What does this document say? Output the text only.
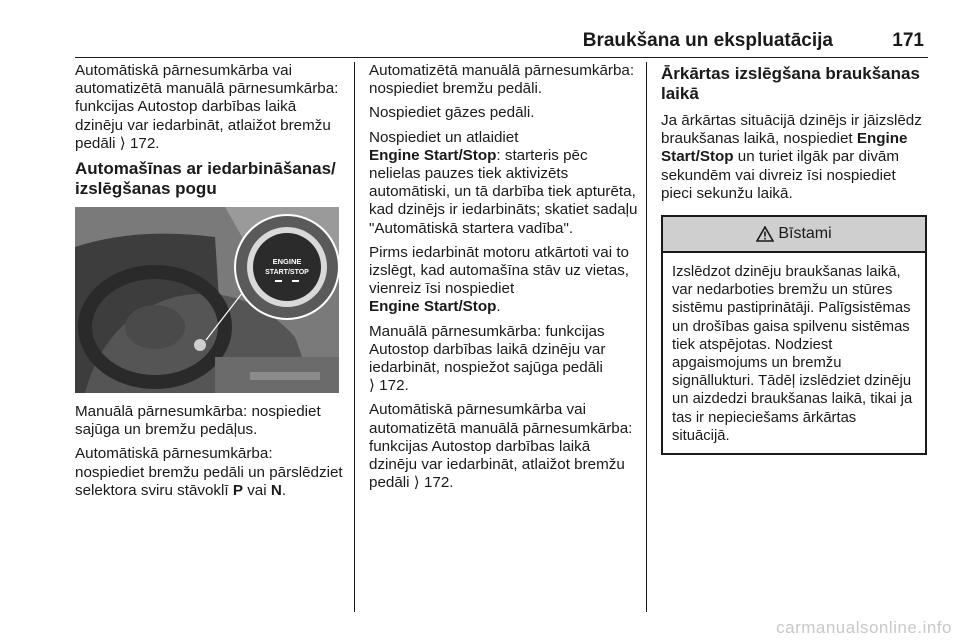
Braukšana un ekspluatācija	171

Automātiskā pārnesumkārba vai automatizētā manuālā pārnesumkārba: funkcijas Autostop darbības laikā dzinēju var iedarbināt, atlaižot bremžu pedāli ⟩ 172.

Automašīnas ar iedarbināšanas/ izslēgšanas pogu
ENGINE
START/STOP

Manuālā pārnesumkārba: nospiediet sajūga un bremžu pedāļus.

Automātiskā pārnesumkārba: nospiediet bremžu pedāli un pārslēdziet selektora sviru stāvoklī P vai N.

Automatizētā manuālā pārnesumkārba: nospiediet bremžu pedāli.

Nospiediet gāzes pedāli.

Nospiediet un atlaidiet
Engine Start/Stop: starteris pēc nelielas pauzes tiek aktivizēts automātiski, un tā darbība tiek apturēta, kad dzinējs ir iedarbināts; skatiet sadaļu "Automātiskā startera vadība".

Pirms iedarbināt motoru atkārtoti vai to izslēgt, kad automašīna stāv uz vietas, vienreiz īsi nospiediet
Engine Start/Stop.

Manuālā pārnesumkārba: funkcijas Autostop darbības laikā dzinēju var iedarbināt, nospiežot sajūga pedāli
⟩ 172.

Automātiskā pārnesumkārba vai automatizētā manuālā pārnesumkārba: funkcijas Autostop darbības laikā dzinēju var iedarbināt, atlaižot bremžu pedāli ⟩ 172.

Ārkārtas izslēgšana braukšanas laikā

Ja ārkārtas situācijā dzinējs ir jāizslēdz braukšanas laikā, nospiediet Engine Start/Stop un turiet ilgāk par divām sekundēm vai divreiz īsi nospiediet pieci sekunžu laikā.

Bīstami
Izslēdzot dzinēju braukšanas laikā, var nedarboties bremžu un stūres sistēmu pastiprinātāji. Palīgsistēmas un drošības gaisa spilvenu sistēmas tiek atspējotas. Nodziest apgaismojums un bremžu signāllukturi. Tādēļ izslēdziet dzinēju un aizdedzi braukšanas laikā, tikai ja tas ir nepieciešams ārkārtas situācijā.
carmanualsonline.info
